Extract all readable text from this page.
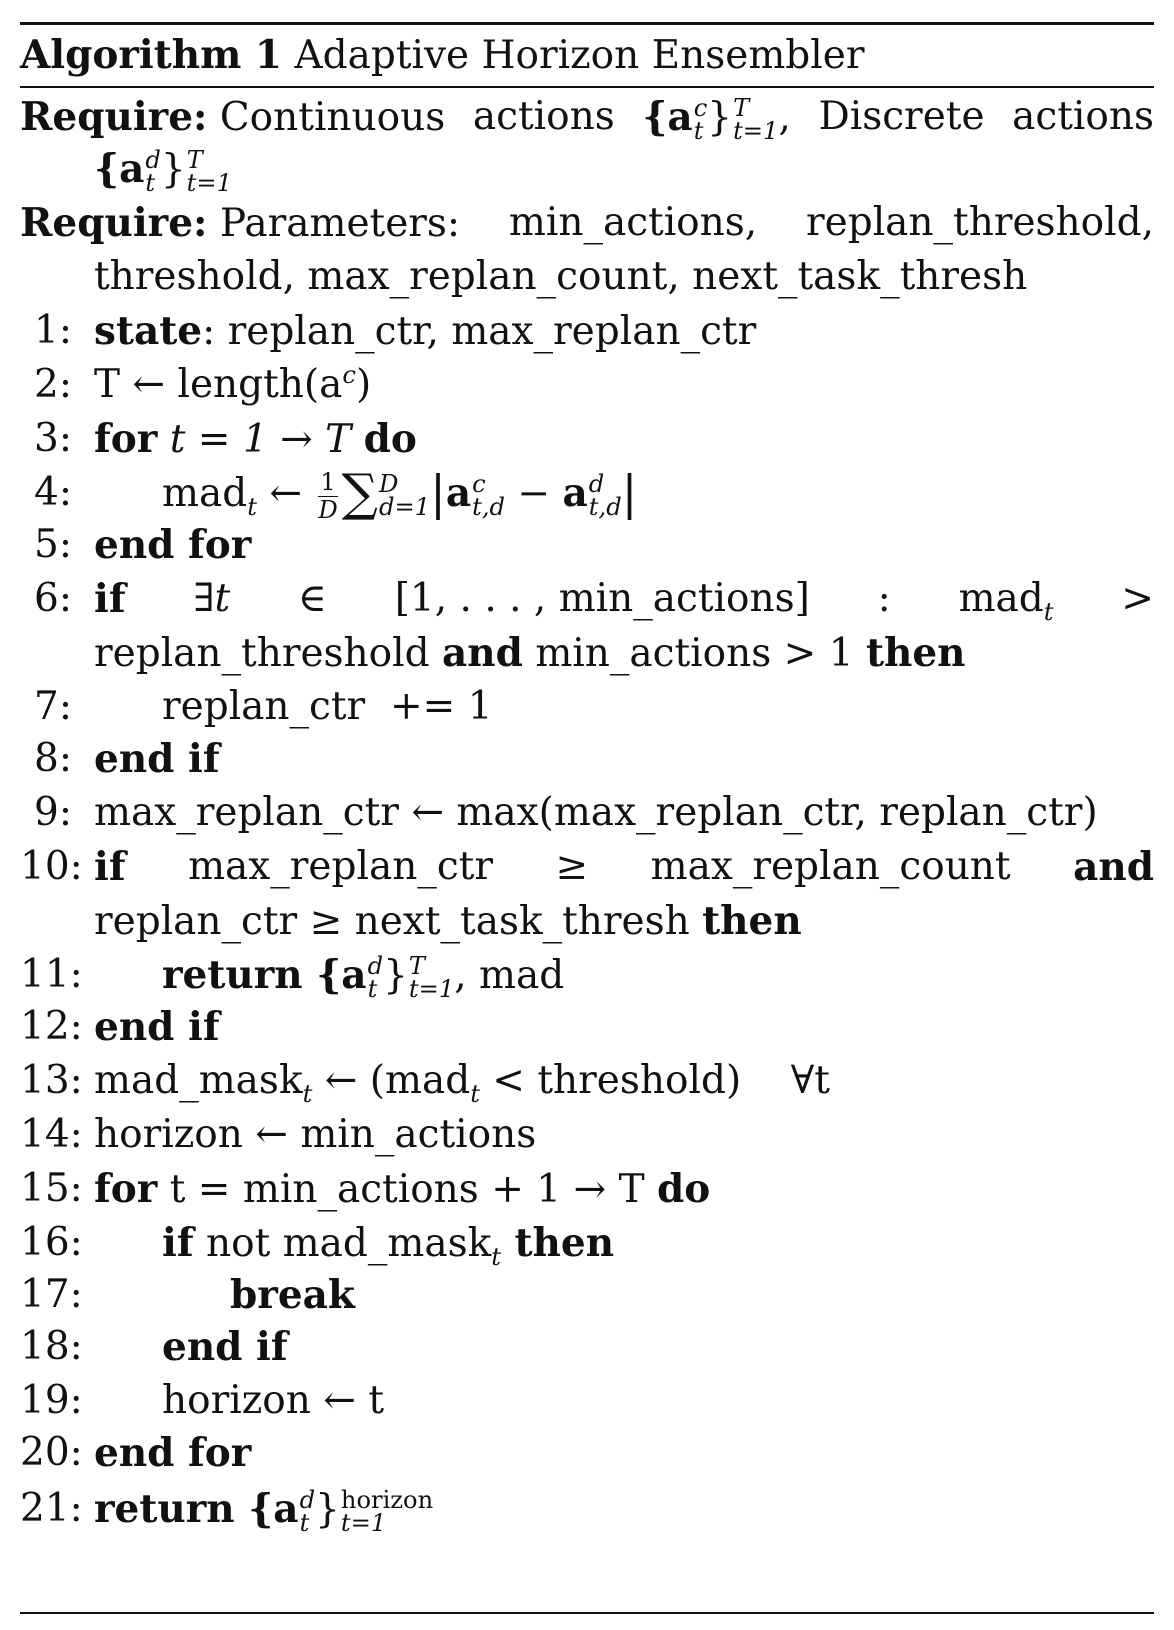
Algorithm 1 Adaptive Horizon Ensembler
Require: Continuous actions {a c
t } T
t=1 , Discrete actions
{a d
t } T
t=1
Require: Parameters: min_actions, replan_threshold,
threshold, max_replan_count, next_task_thresh
1: state: replan_ctr, max_replan_ctr
2: T ← $length(a^c)$
3: for t = 1 → T do
4: mad$_t$ ← $\frac{1}{D}$ ∑ D
d=1 |a c
t,d − a d
t,d |
5: end for
6: if ∃t ∈ [1, . . . , min_actions] : mad$_t$ >
replan_threshold and min_actions > 1 then
7: replan_ctr  += 1
8: end if
9: max_replan_ctr ← max(max_replan_ctr, replan_ctr)
10: if max_replan_ctr ≥ max_replan_count and
replan_ctr ≥ next_task_thresh then
11: return {a d
t } T
t=1 , mad
12: end if
13: mad_mask$_t$ ← (mad$_t$ < threshold)    ∀t
14: horizon ← min_actions
15: for t = min_actions + 1 → T do
16: if not mad_mask$_t$ then
17:	break
18: end if
19: horizon ← t
20: end for
21: return {a d
t } horizon
t=1
